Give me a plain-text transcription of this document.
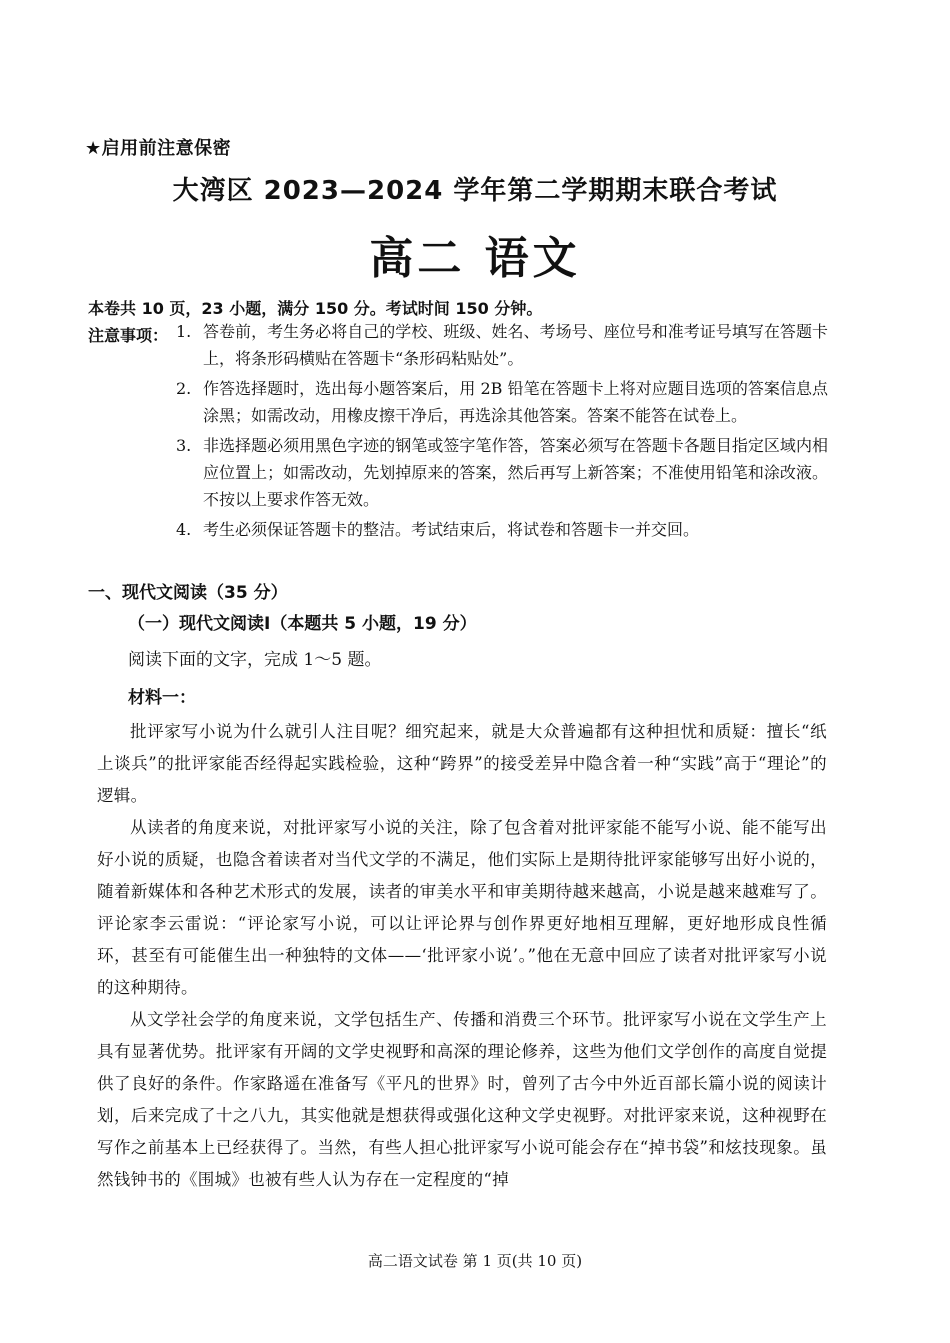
★启用前注意保密
大湾区 2023—2024 学年第二学期期末联合考试
高二 语文
本卷共 10 页，23 小题，满分 150 分。考试时间 150 分钟。
注意事项： 1. 答卷前，考生务必将自己的学校、班级、姓名、考场号、座位号和准考证号填写在答题卡上，将条形码横贴在答题卡“条形码粘贴处”。
2. 作答选择题时，选出每小题答案后，用 2B 铅笔在答题卡上将对应题目选项的答案信息点涂黑；如需改动，用橡皮擦干净后，再选涂其他答案。答案不能答在试卷上。
3. 非选择题必须用黑色字迹的钢笔或签字笔作答，答案必须写在答题卡各题目指定区域内相应位置上；如需改动，先划掉原来的答案，然后再写上新答案；不准使用铅笔和涂改液。不按以上要求作答无效。
4. 考生必须保证答题卡的整洁。考试结束后，将试卷和答题卡一并交回。
一、现代文阅读（35 分）
（一）现代文阅读Ⅰ（本题共 5 小题，19 分）
阅读下面的文字，完成 1～5 题。
材料一：

批评家写小说为什么就引人注目呢？细究起来，就是大众普遍都有这种担忧和质疑：擅长“纸上谈兵”的批评家能否经得起实践检验，这种“跨界”的接受差异中隐含着一种“实践”高于“理论”的逻辑。

从读者的角度来说，对批评家写小说的关注，除了包含着对批评家能不能写小说、能不能写出好小说的质疑，也隐含着读者对当代文学的不满足，他们实际上是期待批评家能够写出好小说的，随着新媒体和各种艺术形式的发展，读者的审美水平和审美期待越来越高，小说是越来越难写了。评论家李云雷说：“评论家写小说，可以让评论界与创作界更好地相互理解，更好地形成良性循环，甚至有可能催生出一种独特的文体——‘批评家小说’。”他在无意中回应了读者对批评家写小说的这种期待。

从文学社会学的角度来说，文学包括生产、传播和消费三个环节。批评家写小说在文学生产上具有显著优势。批评家有开阔的文学史视野和高深的理论修养，这些为他们文学创作的高度自觉提供了良好的条件。作家路遥在准备写《平凡的世界》时，曾列了古今中外近百部长篇小说的阅读计划，后来完成了十之八九，其实他就是想获得或强化这种文学史视野。对批评家来说，这种视野在写作之前基本上已经获得了。当然，有些人担心批评家写小说可能会存在“掉书袋”和炫技现象。虽然钱钟书的《围城》也被有些人认为存在一定程度的“掉

高二语文试卷 第 1 页(共 10 页)
